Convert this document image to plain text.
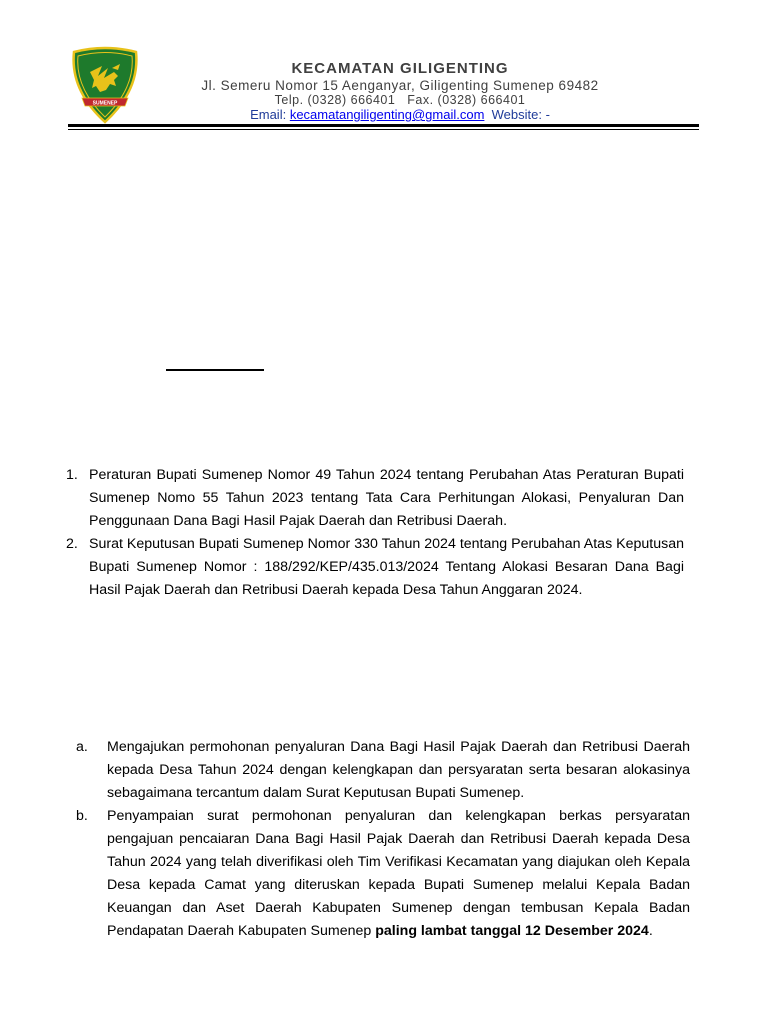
SUMENEP
KECAMATAN GILIGENTING
Jl. Semeru Nomor 15 Aenganyar, Giligenting Sumenep 69482
Telp. (0328) 666401   Fax. (0328) 666401
Email: kecamatangiligenting@gmail.com Website: -
1. Peraturan Bupati Sumenep Nomor 49 Tahun 2024 tentang Perubahan Atas Peraturan Bupati Sumenep Nomo 55 Tahun 2023 tentang Tata Cara Perhitungan Alokasi, Penyaluran Dan Penggunaan Dana Bagi Hasil Pajak Daerah dan Retribusi Daerah.
2. Surat Keputusan Bupati Sumenep Nomor 330 Tahun 2024 tentang Perubahan Atas Keputusan Bupati Sumenep Nomor : 188/292/KEP/435.013/2024 Tentang Alokasi Besaran Dana Bagi Hasil Pajak Daerah dan Retribusi Daerah kepada Desa Tahun Anggaran 2024.
a. Mengajukan permohonan penyaluran Dana Bagi Hasil Pajak Daerah dan Retribusi Daerah kepada Desa Tahun 2024 dengan kelengkapan dan persyaratan serta besaran alokasinya sebagaimana tercantum dalam Surat Keputusan Bupati Sumenep.
b. Penyampaian surat permohonan penyaluran dan kelengkapan berkas persyaratan pengajuan pencaiaran Dana Bagi Hasil Pajak Daerah dan Retribusi Daerah kepada Desa Tahun 2024 yang telah diverifikasi oleh Tim Verifikasi Kecamatan yang diajukan oleh Kepala Desa kepada Camat yang diteruskan kepada Bupati Sumenep melalui Kepala Badan Keuangan dan Aset Daerah Kabupaten Sumenep dengan tembusan Kepala Badan Pendapatan Daerah Kabupaten Sumenep paling lambat tanggal 12 Desember 2024.
